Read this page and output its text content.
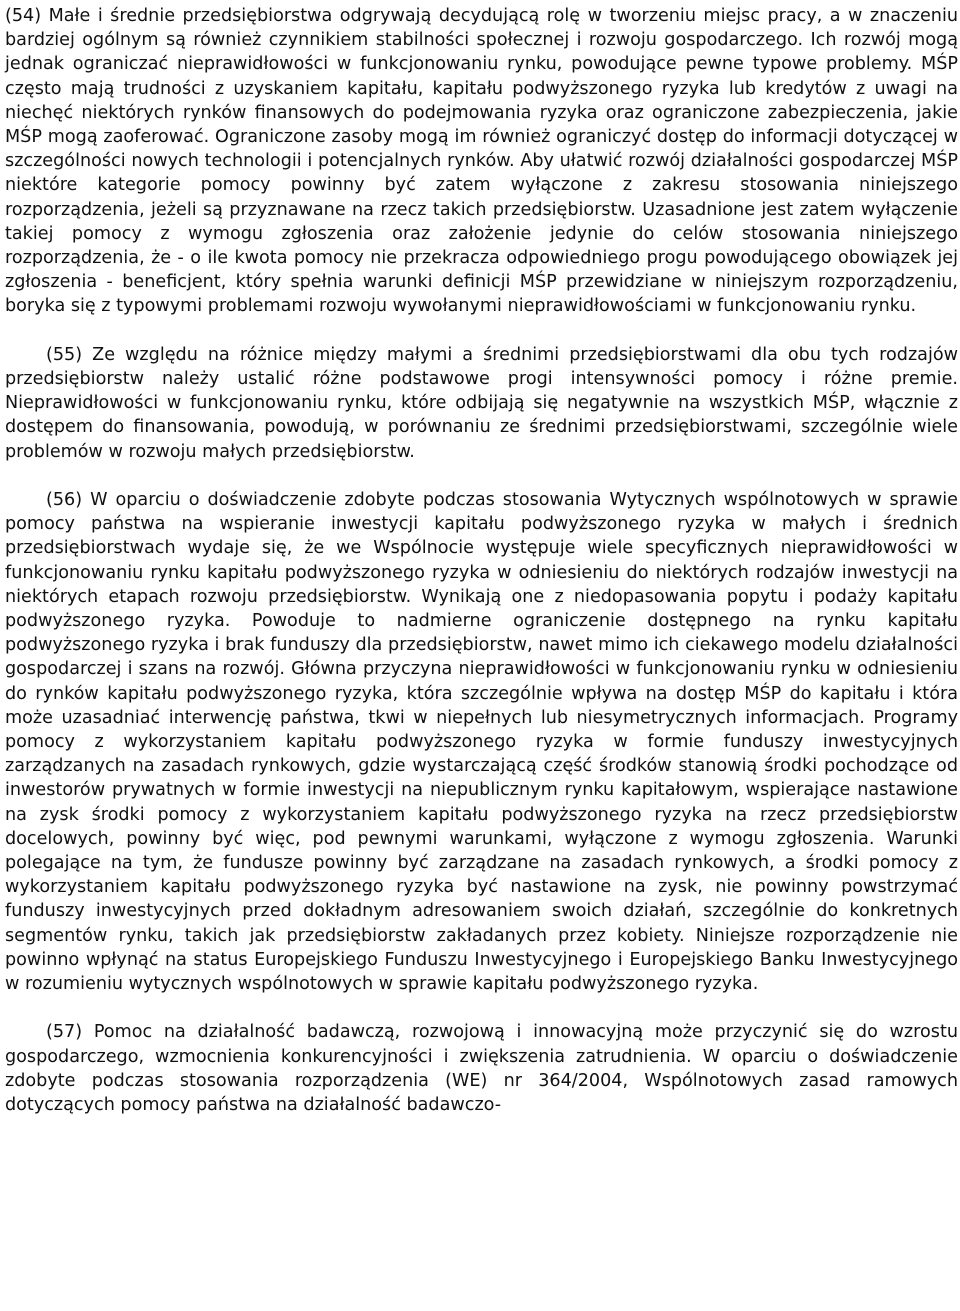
(54) Małe i średnie przedsiębiorstwa odgrywają decydującą rolę w tworzeniu miejsc pracy, a w znaczeniu bardziej ogólnym są również czynnikiem stabilności społecznej i rozwoju gospodarczego. Ich rozwój mogą jednak ograniczać nieprawidłowości w funkcjonowaniu rynku, powodujące pewne typowe problemy. MŚP często mają trudności z uzyskaniem kapitału, kapitału podwyższonego ryzyka lub kredytów z uwagi na niechęć niektórych rynków finansowych do podejmowania ryzyka oraz ograniczone zabezpieczenia, jakie MŚP mogą zaoferować. Ograniczone zasoby mogą im również ograniczyć dostęp do informacji dotyczącej w szczególności nowych technologii i potencjalnych rynków. Aby ułatwić rozwój działalności gospodarczej MŚP niektóre kategorie pomocy powinny być zatem wyłączone z zakresu stosowania niniejszego rozporządzenia, jeżeli są przyznawane na rzecz takich przedsiębiorstw. Uzasadnione jest zatem wyłączenie takiej pomocy z wymogu zgłoszenia oraz założenie jedynie do celów stosowania niniejszego rozporządzenia, że - o ile kwota pomocy nie przekracza odpowiedniego progu powodującego obowiązek jej zgłoszenia - beneficjent, który spełnia warunki definicji MŚP przewidziane w niniejszym rozporządzeniu, boryka się z typowymi problemami rozwoju wywołanymi nieprawidłowościami w funkcjonowaniu rynku.

(55) Ze względu na różnice między małymi a średnimi przedsiębiorstwami dla obu tych rodzajów przedsiębiorstw należy ustalić różne podstawowe progi intensywności pomocy i różne premie. Nieprawidłowości w funkcjonowaniu rynku, które odbijają się negatywnie na wszystkich MŚP, włącznie z dostępem do finansowania, powodują, w porównaniu ze średnimi przedsiębiorstwami, szczególnie wiele problemów w rozwoju małych przedsiębiorstw.

(56) W oparciu o doświadczenie zdobyte podczas stosowania Wytycznych wspólnotowych w sprawie pomocy państwa na wspieranie inwestycji kapitału podwyższonego ryzyka w małych i średnich przedsiębiorstwach wydaje się, że we Wspólnocie występuje wiele specyficznych nieprawidłowości w funkcjonowaniu rynku kapitału podwyższonego ryzyka w odniesieniu do niektórych rodzajów inwestycji na niektórych etapach rozwoju przedsiębiorstw. Wynikają one z niedopasowania popytu i podaży kapitału podwyższonego ryzyka. Powoduje to nadmierne ograniczenie dostępnego na rynku kapitału podwyższonego ryzyka i brak funduszy dla przedsiębiorstw, nawet mimo ich ciekawego modelu działalności gospodarczej i szans na rozwój. Główna przyczyna nieprawidłowości w funkcjonowaniu rynku w odniesieniu do rynków kapitału podwyższonego ryzyka, która szczególnie wpływa na dostęp MŚP do kapitału i która może uzasadniać interwencję państwa, tkwi w niepełnych lub niesymetrycznych informacjach. Programy pomocy z wykorzystaniem kapitału podwyższonego ryzyka w formie funduszy inwestycyjnych zarządzanych na zasadach rynkowych, gdzie wystarczającą część środków stanowią środki pochodzące od inwestorów prywatnych w formie inwestycji na niepublicznym rynku kapitałowym, wspierające nastawione na zysk środki pomocy z wykorzystaniem kapitału podwyższonego ryzyka na rzecz przedsiębiorstw docelowych, powinny być więc, pod pewnymi warunkami, wyłączone z wymogu zgłoszenia. Warunki polegające na tym, że fundusze powinny być zarządzane na zasadach rynkowych, a środki pomocy z wykorzystaniem kapitału podwyższonego ryzyka być nastawione na zysk, nie powinny powstrzymać funduszy inwestycyjnych przed dokładnym adresowaniem swoich działań, szczególnie do konkretnych segmentów rynku, takich jak przedsiębiorstw zakładanych przez kobiety. Niniejsze rozporządzenie nie powinno wpłynąć na status Europejskiego Funduszu Inwestycyjnego i Europejskiego Banku Inwestycyjnego w rozumieniu wytycznych wspólnotowych w sprawie kapitału podwyższonego ryzyka.

(57) Pomoc na działalność badawczą, rozwojową i innowacyjną może przyczynić się do wzrostu gospodarczego, wzmocnienia konkurencyjności i zwiększenia zatrudnienia. W oparciu o doświadczenie zdobyte podczas stosowania rozporządzenia (WE) nr 364/2004, Wspólnotowych zasad ramowych dotyczących pomocy państwa na działalność badawczo-
